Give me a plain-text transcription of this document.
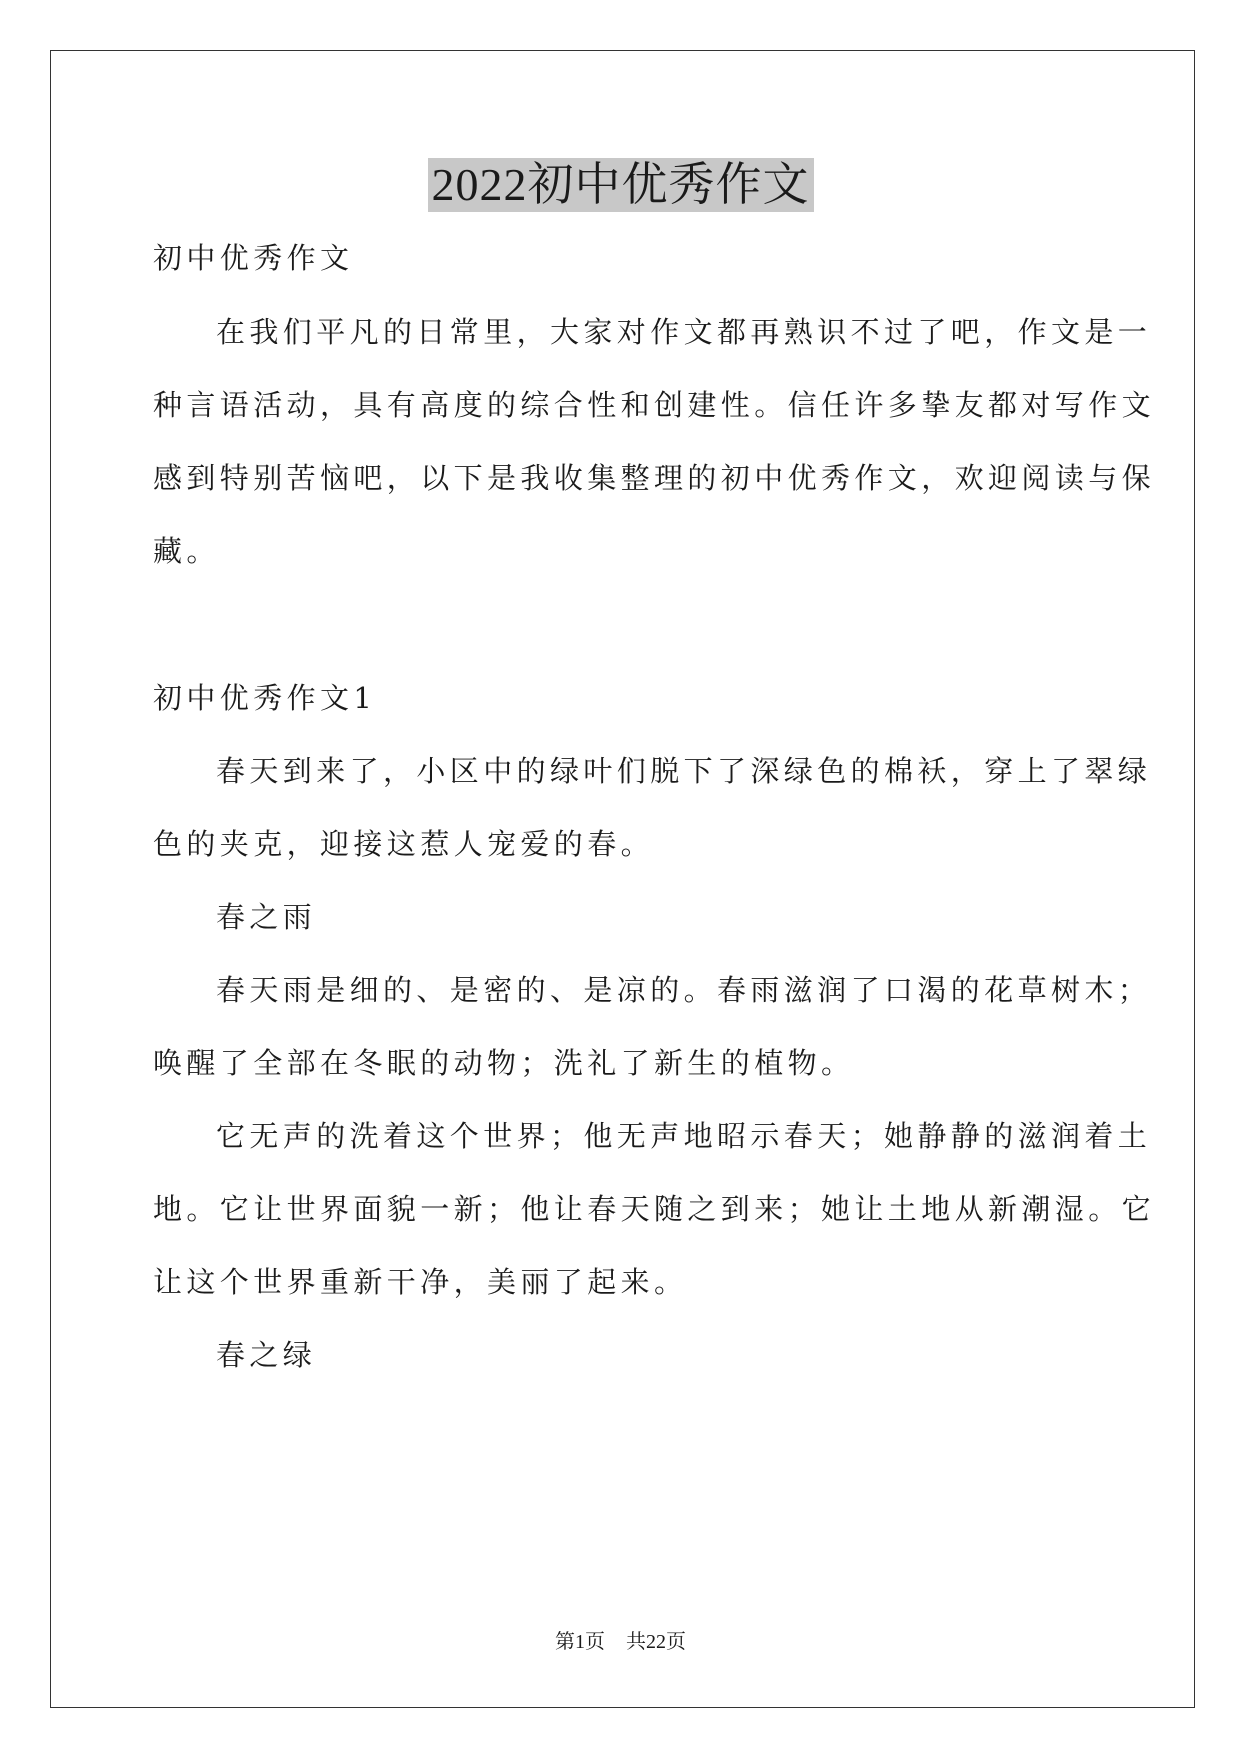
2022初中优秀作文
初中优秀作文
在我们平凡的日常里，大家对作文都再熟识不过了吧，作文是一
种言语活动，具有高度的综合性和创建性。信任许多挚友都对写作文
感到特别苦恼吧，以下是我收集整理的初中优秀作文，欢迎阅读与保
藏。
初中优秀作文1
春天到来了，小区中的绿叶们脱下了深绿色的棉袄，穿上了翠绿
色的夹克，迎接这惹人宠爱的春。
春之雨
春天雨是细的、是密的、是凉的。春雨滋润了口渴的花草树木；
唤醒了全部在冬眠的动物；洗礼了新生的植物。
它无声的洗着这个世界；他无声地昭示春天；她静静的滋润着土
地。它让世界面貌一新；他让春天随之到来；她让土地从新潮湿。它
让这个世界重新干净，美丽了起来。
春之绿
第1页 共22页
